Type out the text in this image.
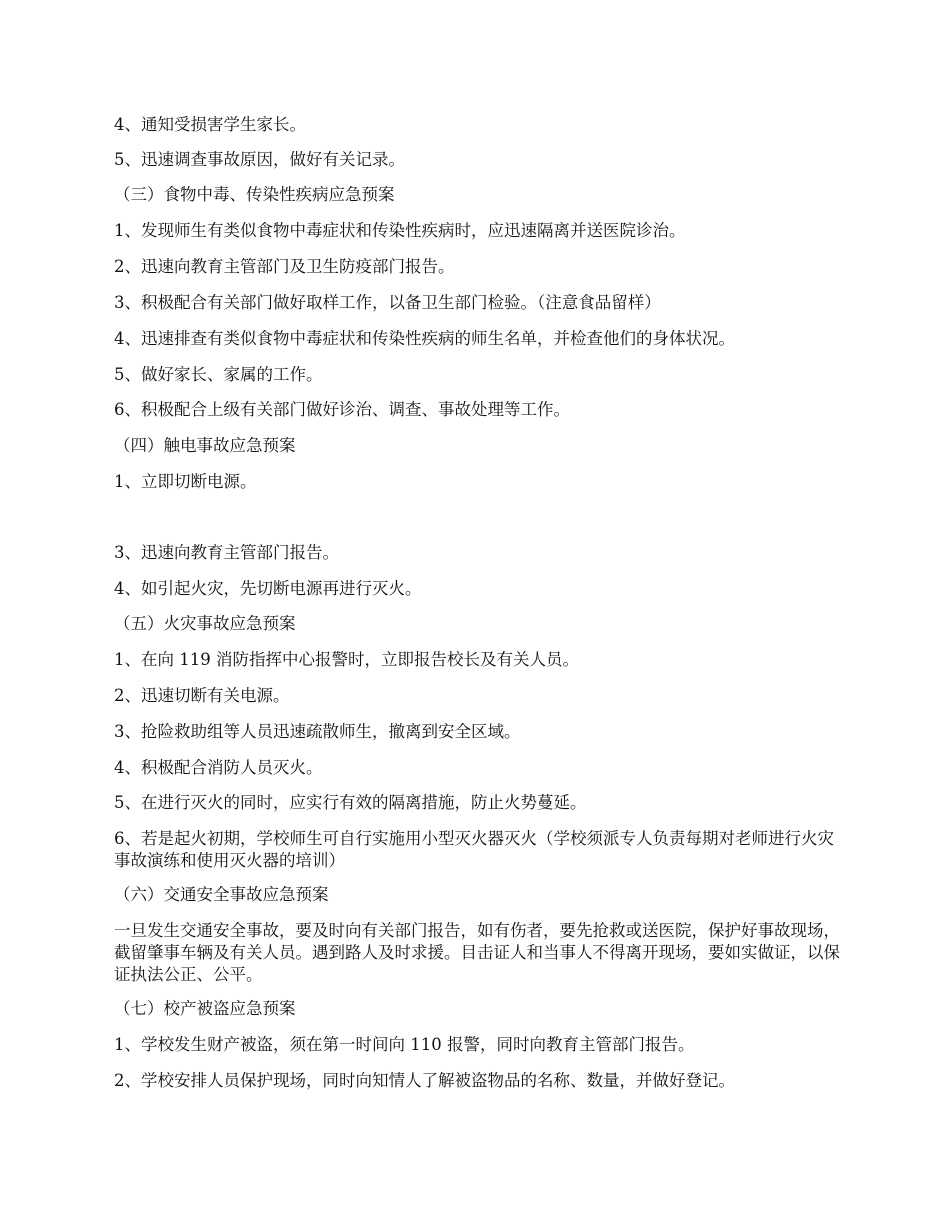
4、通知受损害学生家长。

5、迅速调查事故原因，做好有关记录。

（三）食物中毒、传染性疾病应急预案

1、发现师生有类似食物中毒症状和传染性疾病时，应迅速隔离并送医院诊治。

2、迅速向教育主管部门及卫生防疫部门报告。

3、积极配合有关部门做好取样工作，以备卫生部门检验。（注意食品留样）

4、迅速排查有类似食物中毒症状和传染性疾病的师生名单，并检查他们的身体状况。

5、做好家长、家属的工作。

6、积极配合上级有关部门做好诊治、调查、事故处理等工作。

（四）触电事故应急预案

1、立即切断电源。

3、迅速向教育主管部门报告。

4、如引起火灾，先切断电源再进行灭火。

（五）火灾事故应急预案

1、在向 119 消防指挥中心报警时，立即报告校长及有关人员。

2、迅速切断有关电源。

3、抢险救助组等人员迅速疏散师生，撤离到安全区域。

4、积极配合消防人员灭火。

5、在进行灭火的同时，应实行有效的隔离措施，防止火势蔓延。

6、若是起火初期，学校师生可自行实施用小型灭火器灭火（学校须派专人负责每期对老师进行火灾事故演练和使用灭火器的培训）

（六）交通安全事故应急预案

一旦发生交通安全事故，要及时向有关部门报告，如有伤者，要先抢救或送医院，保护好事故现场，截留肇事车辆及有关人员。遇到路人及时求援。目击证人和当事人不得离开现场，要如实做证，以保证执法公正、公平。

（七）校产被盗应急预案

1、学校发生财产被盗，须在第一时间向 110 报警，同时向教育主管部门报告。

2、学校安排人员保护现场，同时向知情人了解被盗物品的名称、数量，并做好登记。
